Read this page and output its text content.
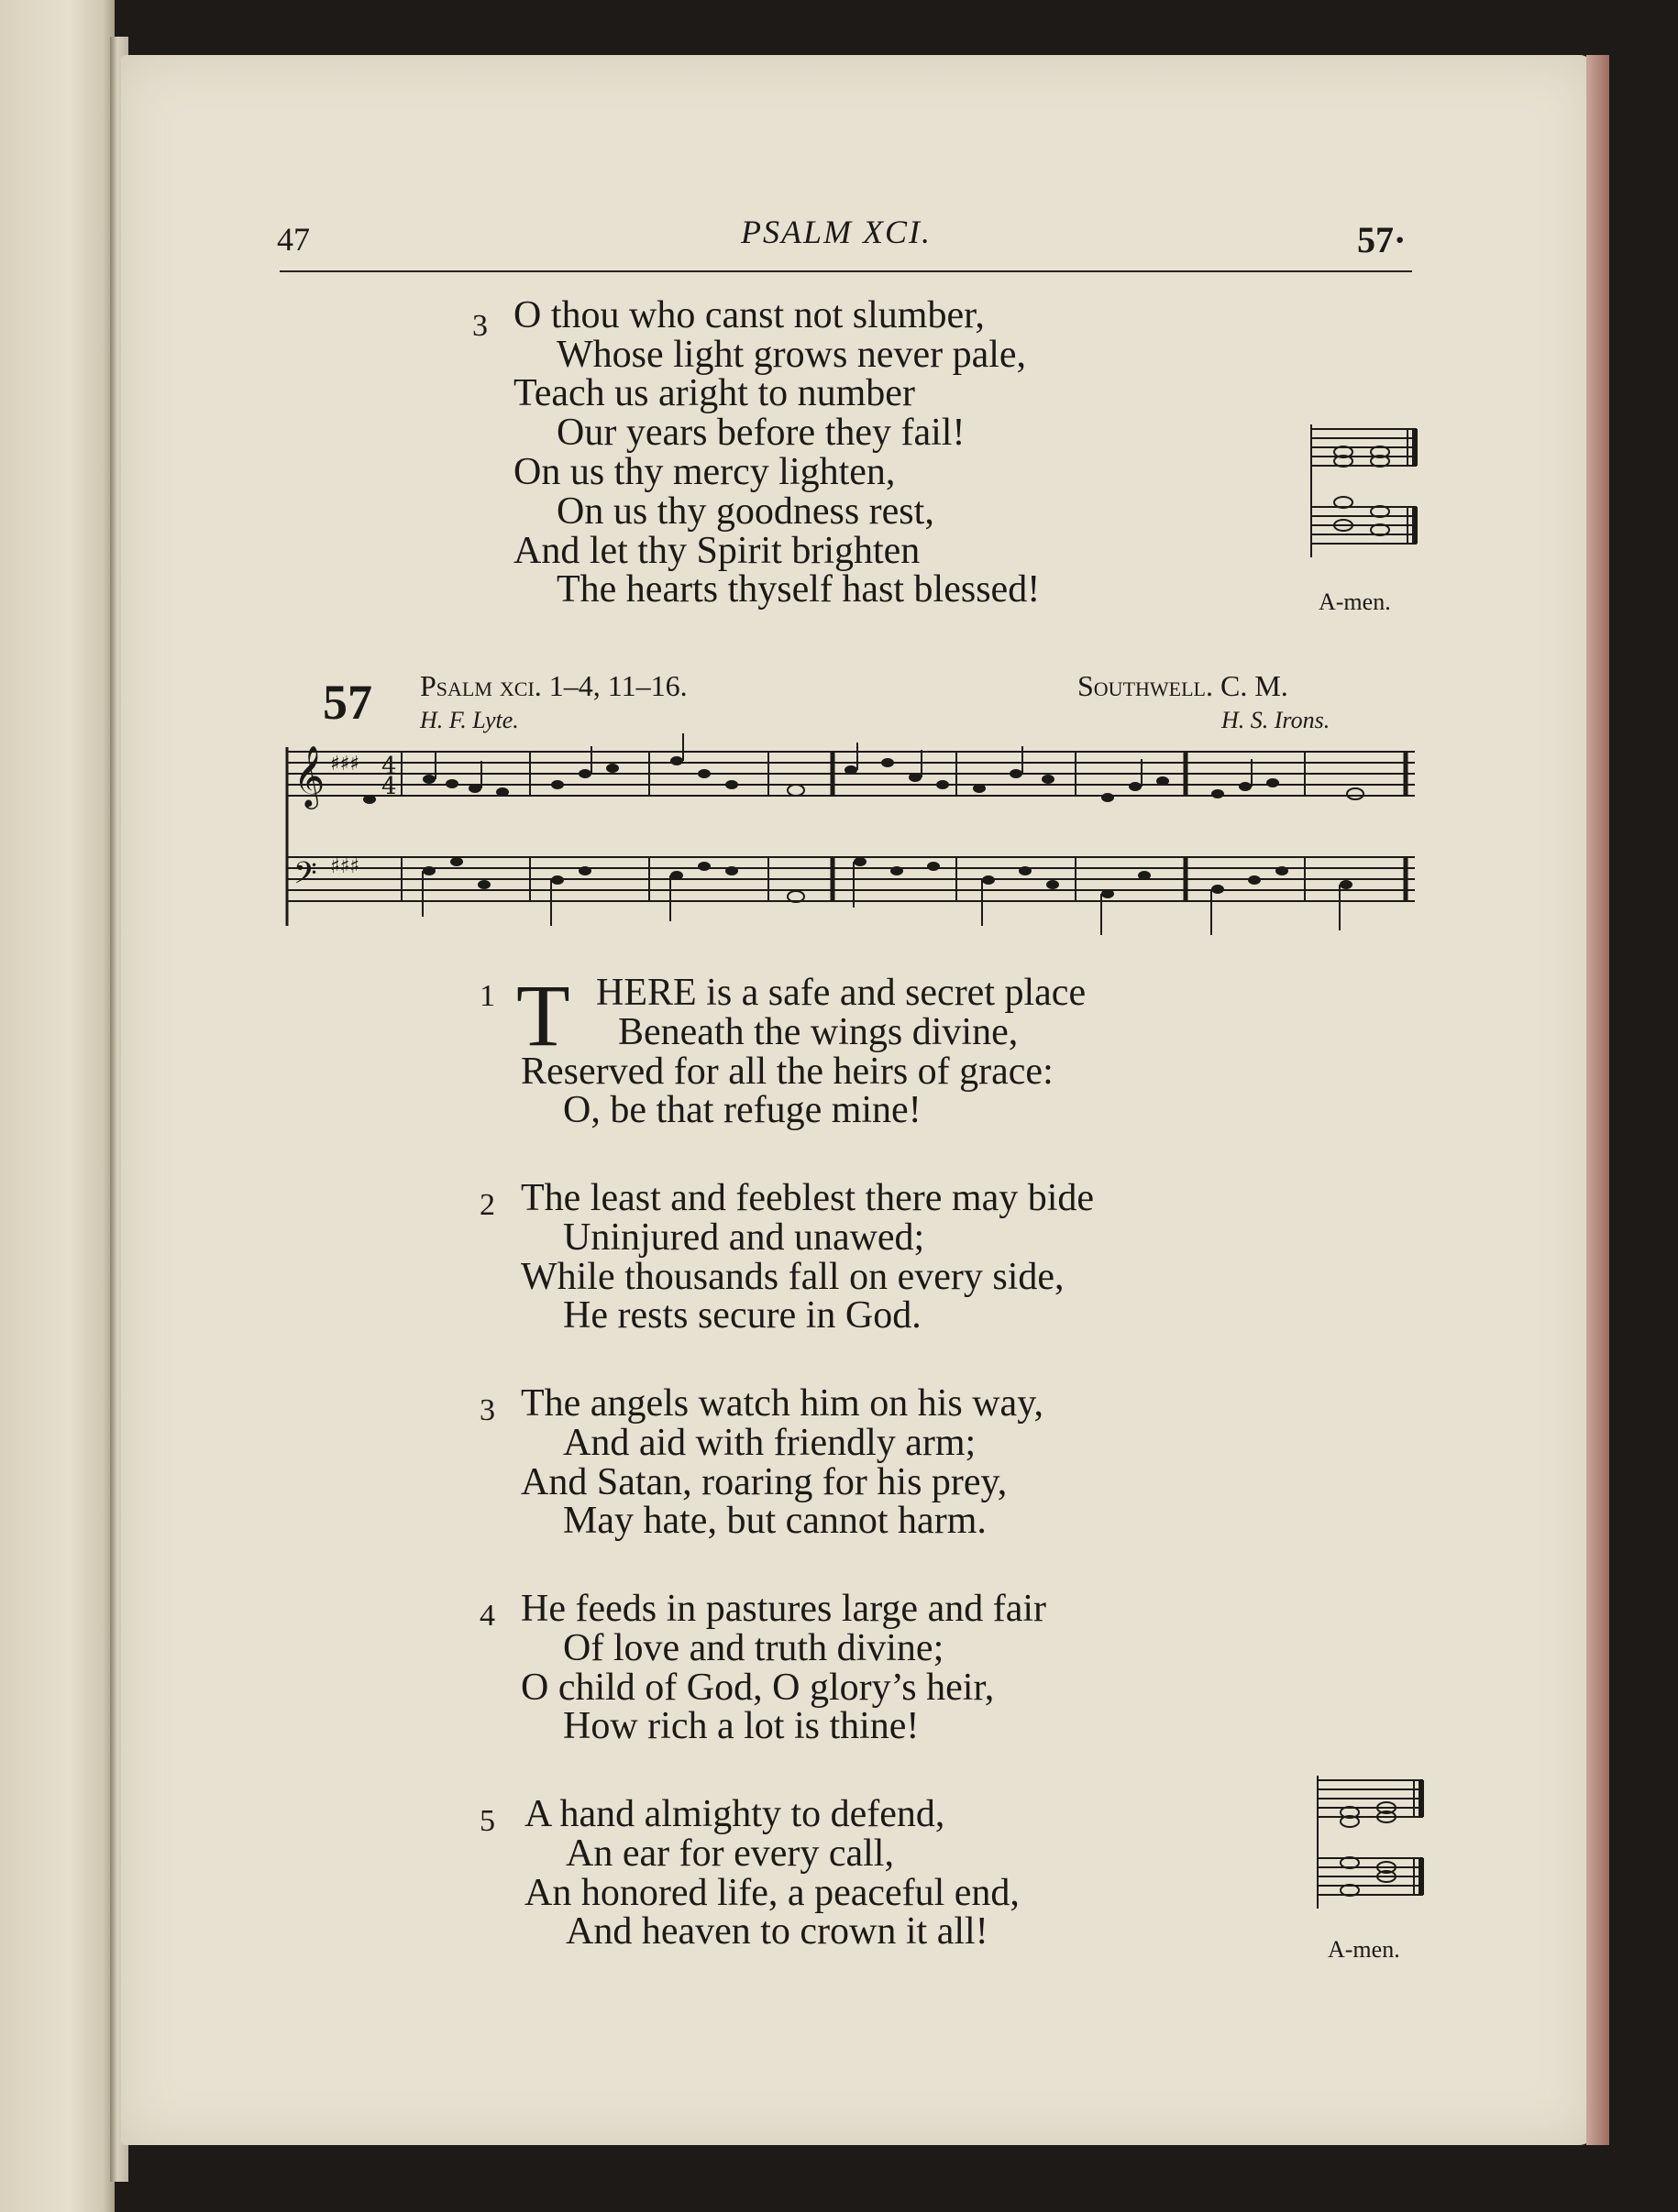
47	PSALM XCI.	57·
3 O thou who canst not slumber,
Whose light grows never pale,
Teach us aright to number
Our years before they fail!
On us thy mercy lighten,
On us thy goodness rest,
And let thy Spirit brighten
The hearts thyself hast blessed!	A-men.
57 Psalm xci. 1–4, 11–16.	Southwell. C. M.
H. F. Lyte.	H. S. Irons.
𝄞
𝄢
♯♯♯
♯♯♯
4
4
1 T HERE is a safe and secret place
Beneath the wings divine,
Reserved for all the heirs of grace:
O, be that refuge mine!
2 The least and feeblest there may bide
Uninjured and unawed;
While thousands fall on every side,
He rests secure in God.
3 The angels watch him on his way,
And aid with friendly arm;
And Satan, roaring for his prey,
May hate, but cannot harm.
4 He feeds in pastures large and fair
Of love and truth divine;
O child of God, O glory’s heir,
How rich a lot is thine!
5 A hand almighty to defend,
An ear for every call,
An honored life, a peaceful end,
And heaven to crown it all!	A-men.
